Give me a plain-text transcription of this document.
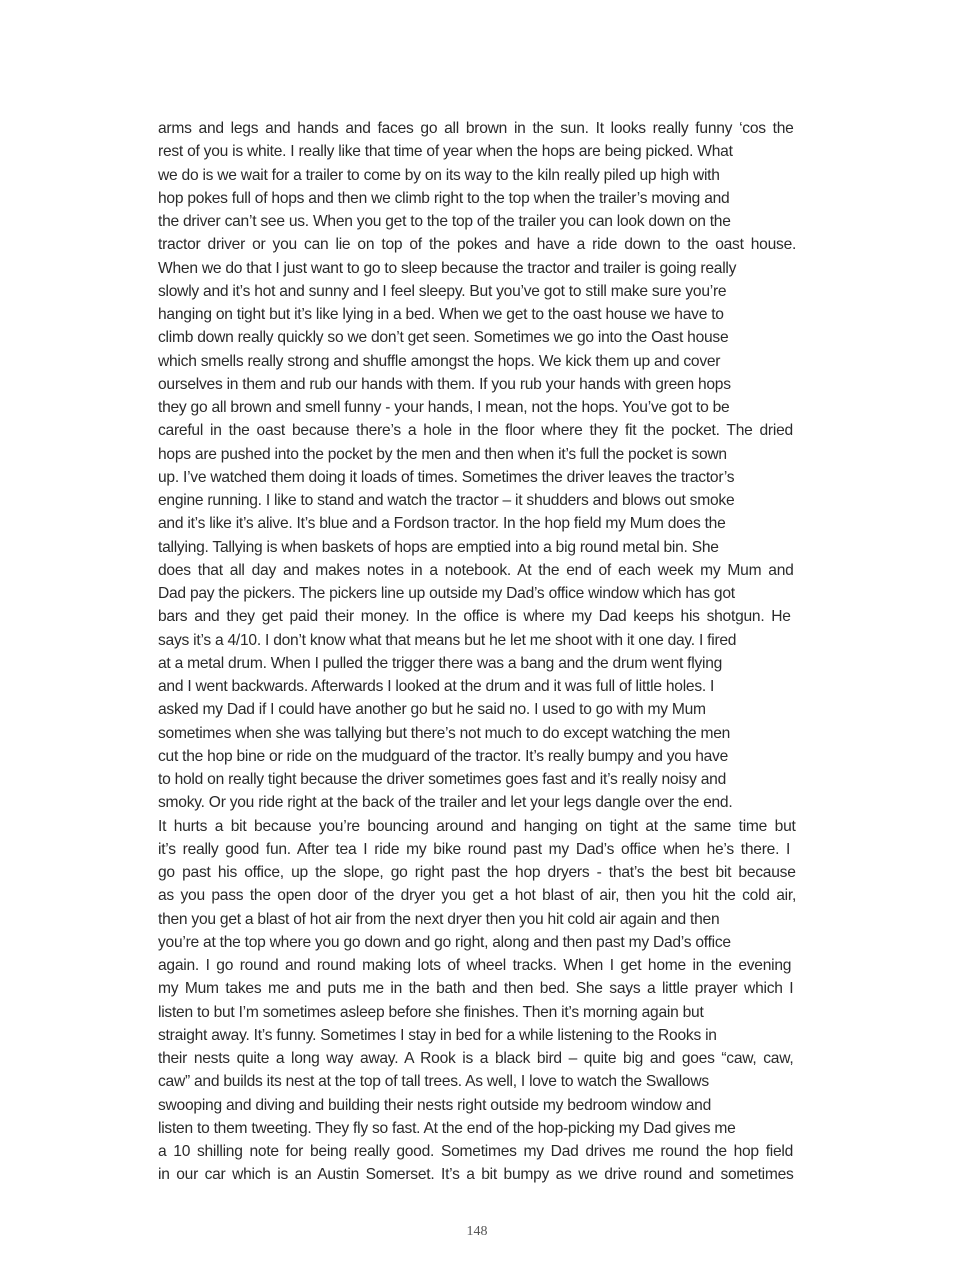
arms and legs and hands and faces go all brown in the sun. It looks really funny ‘cos the
rest of you is white. I really like that time of year when the hops are being picked. What
we do is we wait for a trailer to come by on its way to the kiln really piled up high with
hop pokes full of hops and then we climb right to the top when the trailer’s moving and
the driver can’t see us. When you get to the top of the trailer you can look down on the
tractor driver or you can lie on top of the pokes and have a ride down to the oast house.
When we do that I just want to go to sleep because the tractor and trailer is going really
slowly and it’s hot and sunny and I feel sleepy. But you’ve got to still make sure you’re
hanging on tight but it’s like lying in a bed. When we get to the oast house we have to
climb down really quickly so we don’t get seen. Sometimes we go into the Oast house
which smells really strong and shuffle amongst the hops. We kick them up and cover
ourselves in them and rub our hands with them. If you rub your hands with green hops
they go all brown and smell funny - your hands, I mean, not the hops. You’ve got to be
careful in the oast because there’s a hole in the floor where they fit the pocket. The dried
hops are pushed into the pocket by the men and then when it’s full the pocket is sown
up. I’ve watched them doing it loads of times. Sometimes the driver leaves the tractor’s
engine running. I like to stand and watch the tractor – it shudders and blows out smoke
and it’s like it’s alive. It’s blue and a Fordson tractor. In the hop field my Mum does the
tallying. Tallying is when baskets of hops are emptied into a big round metal bin. She
does that all day and makes notes in a notebook. At the end of each week my Mum and
Dad pay the pickers. The pickers line up outside my Dad’s office window which has got
bars and they get paid their money. In the office is where my Dad keeps his shotgun. He
says it’s a 4/10. I don’t know what that means but he let me shoot with it one day. I fired
at a metal drum. When I pulled the trigger there was a bang and the drum went flying
and I went backwards. Afterwards I looked at the drum and it was full of little holes. I
asked my Dad if I could have another go but he said no. I used to go with my Mum
sometimes when she was tallying but there’s not much to do except watching the men
cut the hop bine or ride on the mudguard of the tractor. It’s really bumpy and you have
to hold on really tight because the driver sometimes goes fast and it’s really noisy and
smoky. Or you ride right at the back of the trailer and let your legs dangle over the end.
It hurts a bit because you’re bouncing around and hanging on tight at the same time but
it’s really good fun. After tea I ride my bike round past my Dad’s office when he’s there. I
go past his office, up the slope, go right past the hop dryers - that’s the best bit because
as you pass the open door of the dryer you get a hot blast of air, then you hit the cold air,
then you get a blast of hot air from the next dryer then you hit cold air again and then
you’re at the top where you go down and go right, along and then past my Dad’s office
again. I go round and round making lots of wheel tracks. When I get home in the evening
my Mum takes me and puts me in the bath and then bed. She says a little prayer which I
listen to but I’m sometimes asleep before she finishes. Then it’s morning again but
straight away. It’s funny. Sometimes I stay in bed for a while listening to the Rooks in
their nests quite a long way away. A Rook is a black bird – quite big and goes “caw, caw,
caw” and builds its nest at the top of tall trees. As well, I love to watch the Swallows
swooping and diving and building their nests right outside my bedroom window and
listen to them tweeting. They fly so fast. At the end of the hop-picking my Dad gives me
a 10 shilling note for being really good. Sometimes my Dad drives me round the hop field
in our car which is an Austin Somerset. It’s a bit bumpy as we drive round and sometimes
148
